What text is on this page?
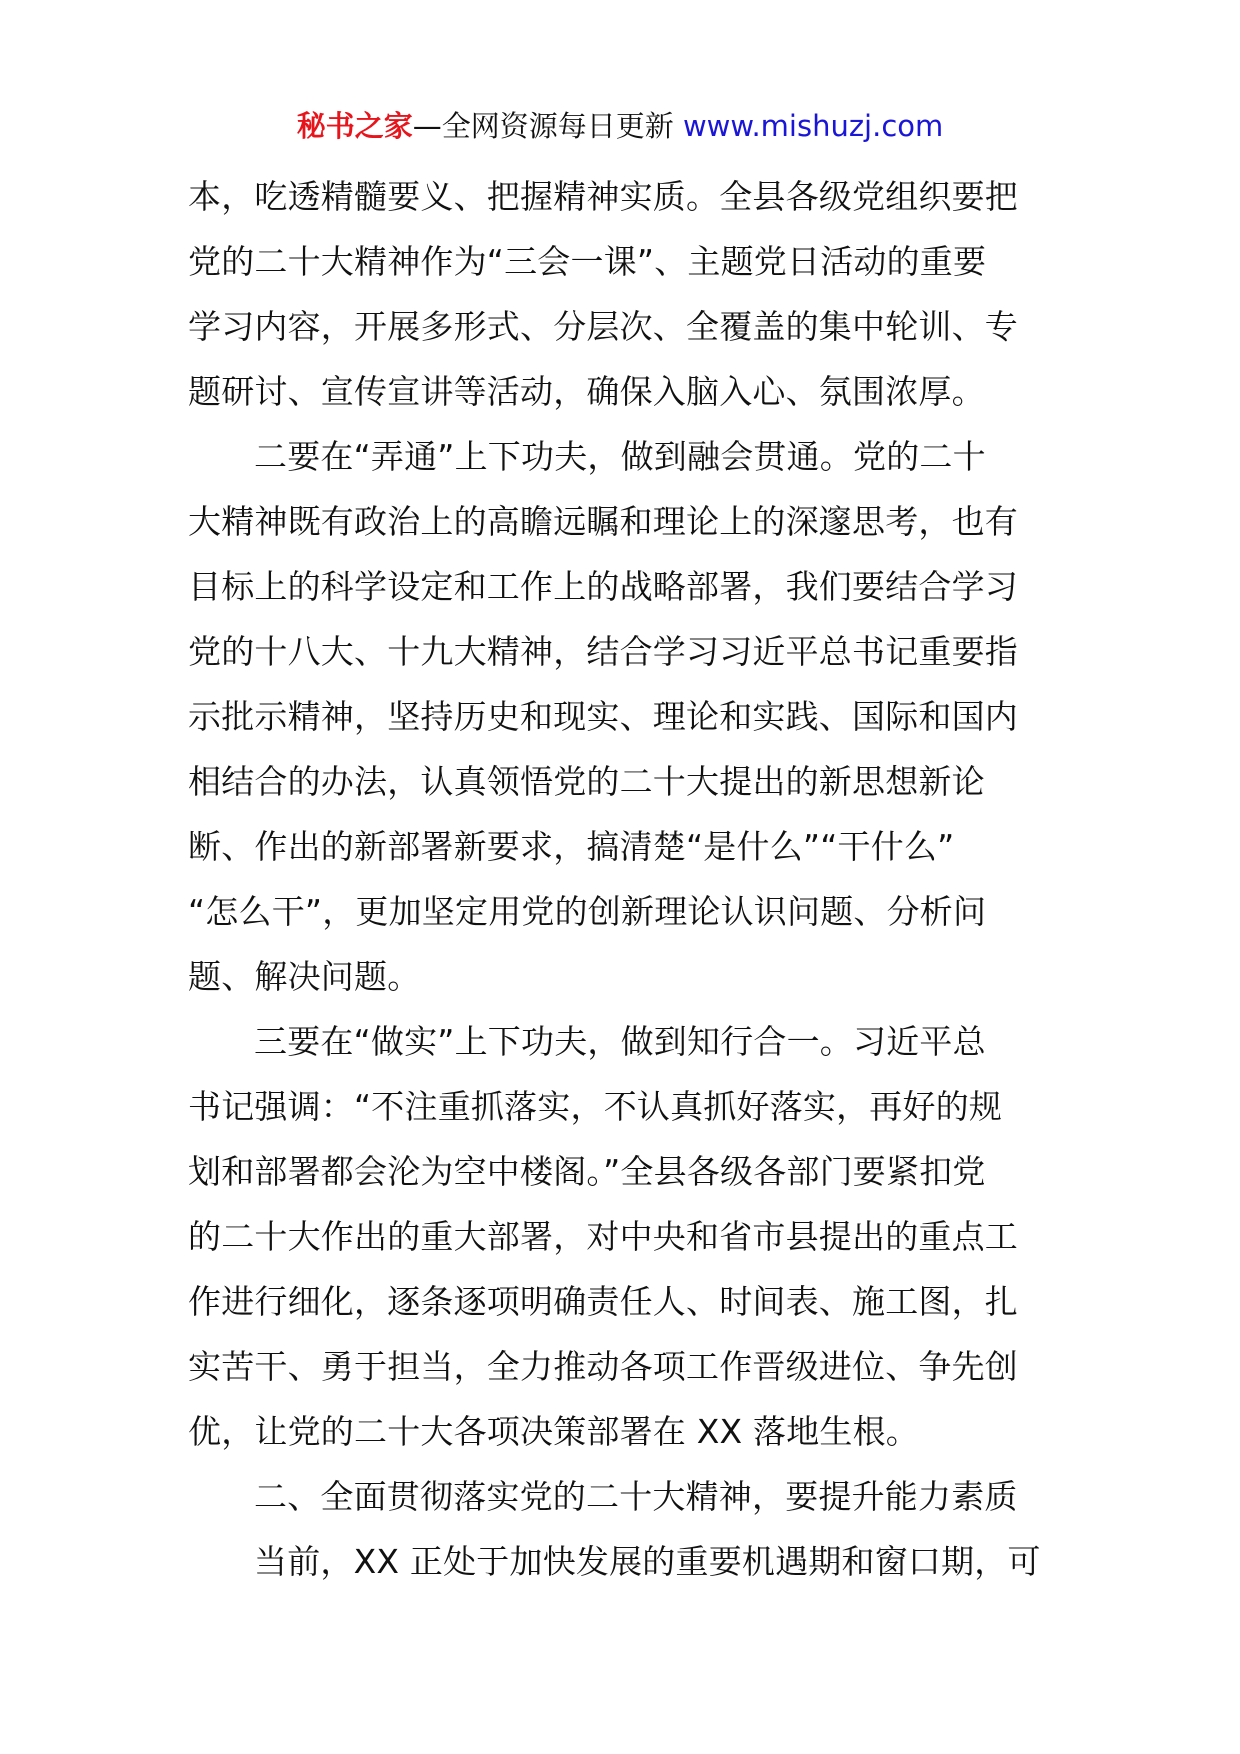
秘书之家—全网资源每日更新 www.mishuzj.com
本，吃透精髓要义、把握精神实质。全县各级党组织要把
党的二十大精神作为“三会一课”、主题党日活动的重要
学习内容，开展多形式、分层次、全覆盖的集中轮训、专
题研讨、宣传宣讲等活动，确保入脑入心、氛围浓厚。
二要在“弄通”上下功夫，做到融会贯通。党的二十
大精神既有政治上的高瞻远瞩和理论上的深邃思考，也有
目标上的科学设定和工作上的战略部署，我们要结合学习
党的十八大、十九大精神，结合学习习近平总书记重要指
示批示精神，坚持历史和现实、理论和实践、国际和国内
相结合的办法，认真领悟党的二十大提出的新思想新论
断、作出的新部署新要求，搞清楚“是什么”“干什么”
“怎么干”，更加坚定用党的创新理论认识问题、分析问
题、解决问题。
三要在“做实”上下功夫，做到知行合一。习近平总
书记强调：“不注重抓落实，不认真抓好落实，再好的规
划和部署都会沦为空中楼阁。”全县各级各部门要紧扣党
的二十大作出的重大部署，对中央和省市县提出的重点工
作进行细化，逐条逐项明确责任人、时间表、施工图，扎
实苦干、勇于担当，全力推动各项工作晋级进位、争先创
优，让党的二十大各项决策部署在 XX 落地生根。
二、全面贯彻落实党的二十大精神，要提升能力素质
当前，XX 正处于加快发展的重要机遇期和窗口期，可
